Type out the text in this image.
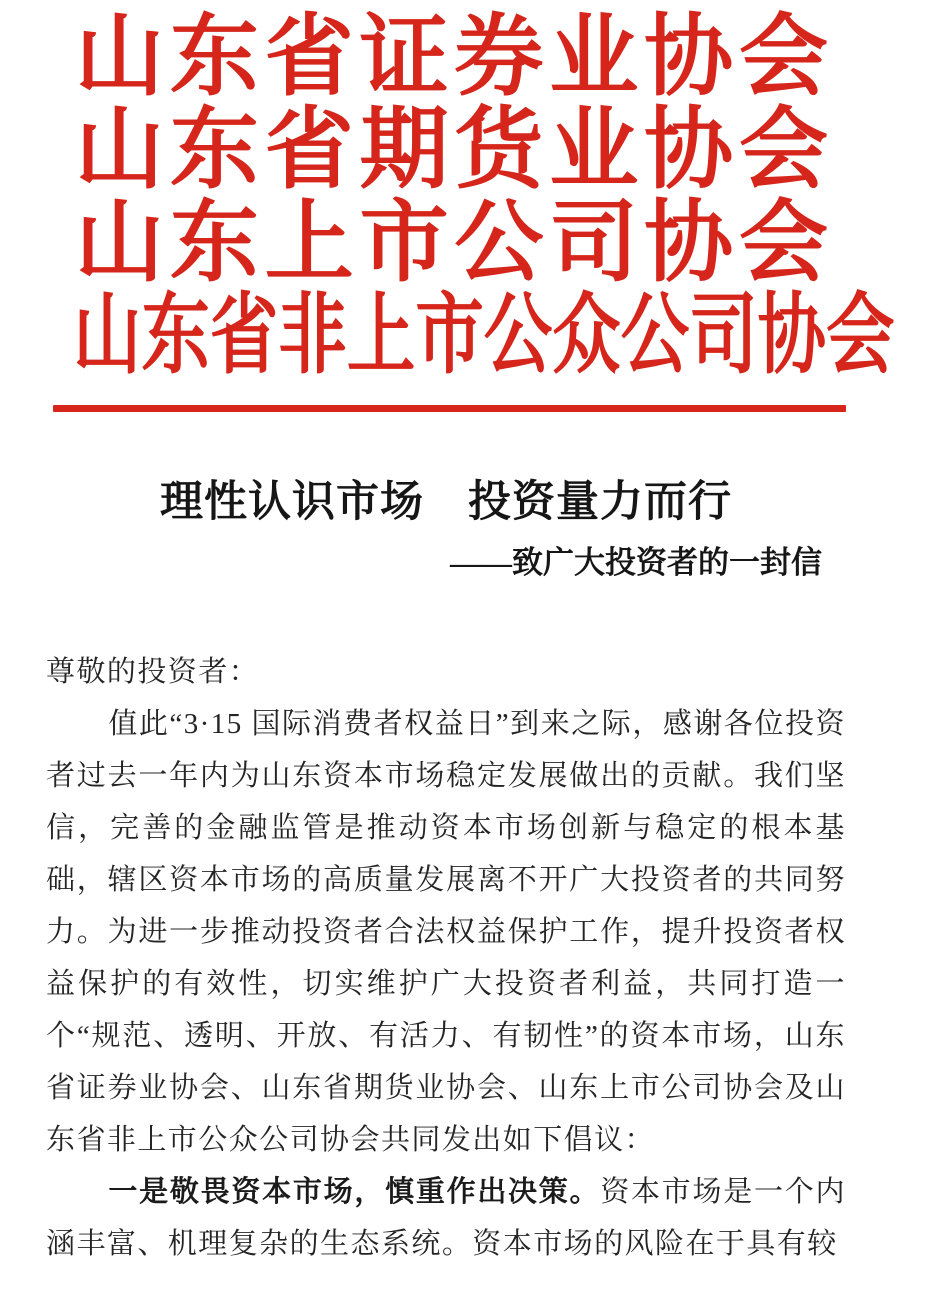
山东省证券业协会
山东省期货业协会
山东上市公司协会
山东省非上市公众公司协会
理性认识市场　投资量力而行
——致广大投资者的一封信

尊敬的投资者：

值此“3·15 国际消费者权益日”到来之际，感谢各位投资者过去一年内为山东资本市场稳定发展做出的贡献。我们坚信，完善的金融监管是推动资本市场创新与稳定的根本基础，辖区资本市场的高质量发展离不开广大投资者的共同努力。为进一步推动投资者合法权益保护工作，提升投资者权益保护的有效性，切实维护广大投资者利益，共同打造一个“规范、透明、开放、有活力、有韧性”的资本市场，山东省证券业协会、山东省期货业协会、山东上市公司协会及山东省非上市公众公司协会共同发出如下倡议：

一是敬畏资本市场，慎重作出决策。资本市场是一个内涵丰富、机理复杂的生态系统。资本市场的风险在于具有较
